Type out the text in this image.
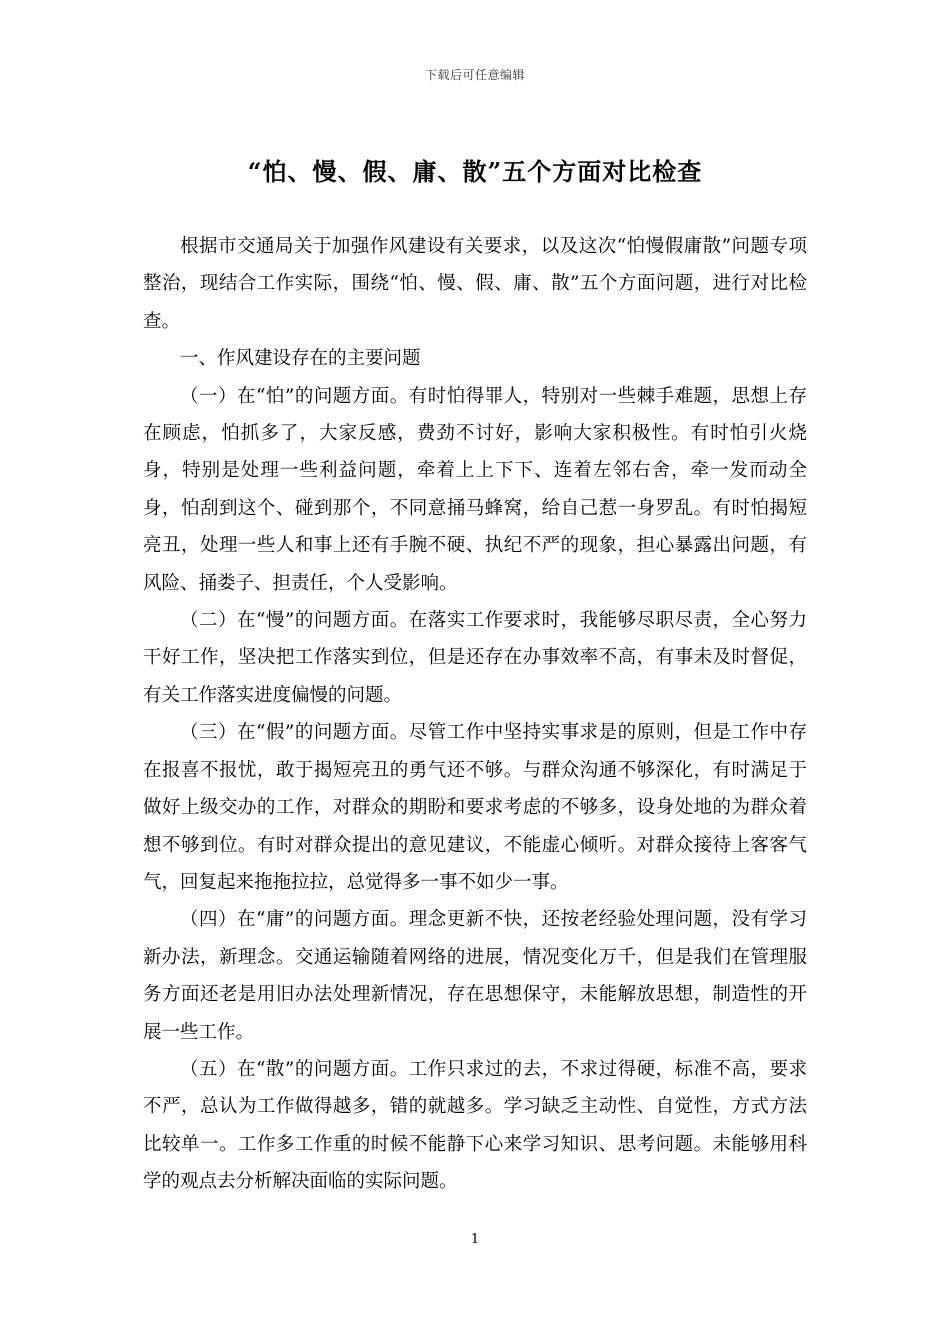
下载后可任意编辑
“怕、慢、假、庸、散”五个方面对比检查

根据市交通局关于加强作风建设有关要求，以及这次“怕慢假庸散”问题专项整治，现结合工作实际，围绕“怕、慢、假、庸、散”五个方面问题，进行对比检查。

一、作风建设存在的主要问题

（一）在“怕”的问题方面。有时怕得罪人，特别对一些棘手难题，思想上存在顾虑，怕抓多了，大家反感，费劲不讨好，影响大家积极性。有时怕引火烧身，特别是处理一些利益问题，牵着上上下下、连着左邻右舍，牵一发而动全身，怕刮到这个、碰到那个，不同意捅马蜂窝，给自己惹一身罗乱。有时怕揭短亮丑，处理一些人和事上还有手腕不硬、执纪不严的现象，担心暴露出问题，有风险、捅娄子、担责任，个人受影响。

（二）在“慢”的问题方面。在落实工作要求时，我能够尽职尽责，全心努力干好工作，坚决把工作落实到位，但是还存在办事效率不高，有事未及时督促，有关工作落实进度偏慢的问题。

（三）在“假”的问题方面。尽管工作中坚持实事求是的原则，但是工作中存在报喜不报忧，敢于揭短亮丑的勇气还不够。与群众沟通不够深化，有时满足于做好上级交办的工作，对群众的期盼和要求考虑的不够多，设身处地的为群众着想不够到位。有时对群众提出的意见建议，不能虚心倾听。对群众接待上客客气气，回复起来拖拖拉拉，总觉得多一事不如少一事。

（四）在“庸”的问题方面。理念更新不快，还按老经验处理问题，没有学习新办法，新理念。交通运输随着网络的进展，情况变化万千，但是我们在管理服务方面还老是用旧办法处理新情况，存在思想保守，未能解放思想，制造性的开展一些工作。

（五）在“散”的问题方面。工作只求过的去，不求过得硬，标准不高，要求不严，总认为工作做得越多，错的就越多。学习缺乏主动性、自觉性，方式方法比较单一。工作多工作重的时候不能静下心来学习知识、思考问题。未能够用科学的观点去分析解决面临的实际问题。

1
